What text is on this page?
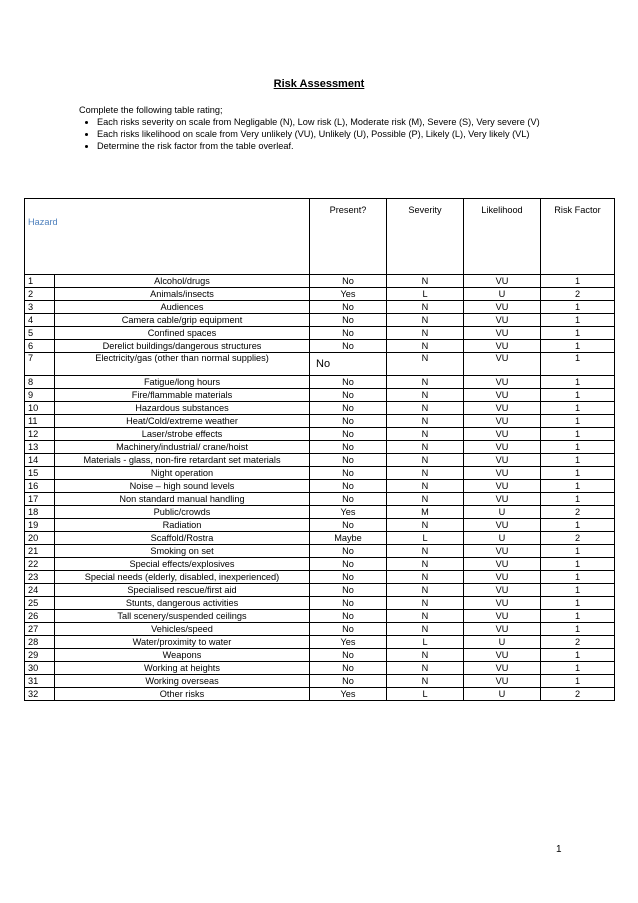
Risk Assessment

Complete the following table rating;

• Each risks severity on scale from Negligable (N), Low risk (L), Moderate risk (M), Severe (S), Very severe (V)
• Each risks likelihood on scale from Very unlikely (VU), Unlikely (U), Possible (P), Likely (L), Very likely (VL)
• Determine the risk factor from the table overleaf.
Hazard		Present?	Severity	Likelihood	Risk Factor
1	Alcohol/drugs	No	N	VU	1
2	Animals/insects	Yes	L	U	2
3	Audiences	No	N	VU	1
4	Camera cable/grip equipment	No	N	VU	1
5	Confined spaces	No	N	VU	1
6	Derelict buildings/dangerous structures	No	N	VU	1
7	Electricity/gas (other than normal supplies)	No	N	VU	1
8	Fatigue/long hours	No	N	VU	1
9	Fire/flammable materials	No	N	VU	1
10	Hazardous substances	No	N	VU	1
11	Heat/Cold/extreme weather	No	N	VU	1
12	Laser/strobe effects	No	N	VU	1
13	Machinery/industrial/ crane/hoist	No	N	VU	1
14	Materials - glass, non-fire retardant set materials	No	N	VU	1
15	Night operation	No	N	VU	1
16	Noise – high sound levels	No	N	VU	1
17	Non standard manual handling	No	N	VU	1
18	Public/crowds	Yes	M	U	2
19	Radiation	No	N	VU	1
20	Scaffold/Rostra	Maybe	L	U	2
21	Smoking on set	No	N	VU	1
22	Special effects/explosives	No	N	VU	1
23	Special needs (elderly, disabled, inexperienced)	No	N	VU	1
24	Specialised rescue/first aid	No	N	VU	1
25	Stunts, dangerous activities	No	N	VU	1
26	Tall scenery/suspended ceilings	No	N	VU	1
27	Vehicles/speed	No	N	VU	1
28	Water/proximity to water	Yes	L	U	2
29	Weapons	No	N	VU	1
30	Working at heights	No	N	VU	1
31	Working overseas	No	N	VU	1
32	Other risks	Yes	L	U	2
1
